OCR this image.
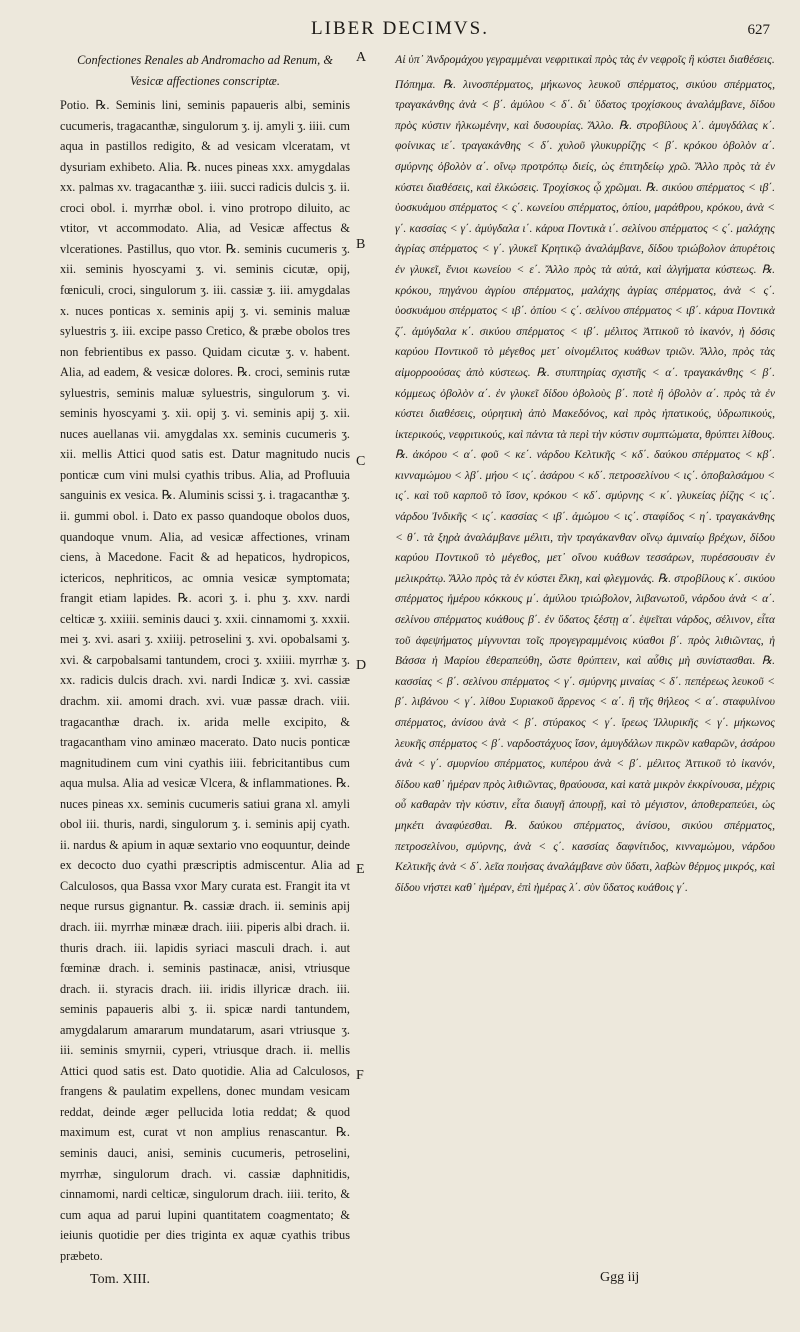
LIBER DECIMVS.	627

Confectiones Renales ab Andromacho ad Renum, & Vesicæ affectiones conscriptæ.

Potio. ℞. Seminis lini, seminis papaueris albi, seminis cucumeris, tragacanthæ, singulorum ʒ. ij. amyli ʒ. iiii. cum aqua in pastillos redigito, & ad vesicam vlceratam, vt dysuriam exhibeto. Alia. ℞. nuces pineas xxx. amygdalas xx. palmas xv. tragacanthæ ʒ. iiii. succi radicis dulcis ʒ. ii. croci obol. i. myrrhæ obol. i. vino protropo diluito, ac vtitor, vt accommodato. Alia, ad Vesicæ affectus & vlcerationes. Pastillus, quo vtor. ℞. seminis cucumeris ʒ. xii. seminis hyoscyami ʒ. vi. seminis cicutæ, opij, fœniculi, croci, singulorum ʒ. iii. cassiæ ʒ. iii. amygdalas x. nuces ponticas x. seminis apij ʒ. vi. seminis maluæ syluestris ʒ. iii. excipe passo Cretico, & præbe obolos tres non febrientibus ex passo. Quidam cicutæ ʒ. v. habent. Alia, ad eadem, & vesicæ dolores. ℞. croci, seminis rutæ syluestris, seminis maluæ syluestris, singulorum ʒ. vi. seminis hyoscyami ʒ. xii. opij ʒ. vi. seminis apij ʒ. xii. nuces auellanas vii. amygdalas xx. seminis cucumeris ʒ. xii. mellis Attici quod satis est. Datur magnitudo nucis ponticæ cum vini mulsi cyathis tribus. Alia, ad Profluuia sanguinis ex vesica. ℞. Aluminis scissi ʒ. i. tragacanthæ ʒ. ii. gummi obol. i. Dato ex passo quandoque obolos duos, quandoque vnum. Alia, ad vesicæ affectiones, vrinam ciens, à Macedone. Facit & ad hepaticos, hydropicos, ictericos, nephriticos, ac omnia vesicæ symptomata; frangit etiam lapides. ℞. acori ʒ. i. phu ʒ. xxv. nardi celticæ ʒ. xxiiii. seminis dauci ʒ. xxii. cinnamomi ʒ. xxxii. mei ʒ. xvi. asari ʒ. xxiiij. petroselini ʒ. xvi. opobalsami ʒ. xvi. & carpobalsami tantundem, croci ʒ. xxiiii. myrrhæ ʒ. xx. radicis dulcis drach. xvi. nardi Indicæ ʒ. xvi. cassiæ drachm. xii. amomi drach. xvi. vuæ passæ drach. viii. tragacanthæ drach. ix. arida melle excipito, & tragacantham vino aminæo macerato. Dato nucis ponticæ magnitudinem cum vini cyathis iiii. febricitantibus cum aqua mulsa. Alia ad vesicæ Vlcera, & inflammationes. ℞. nuces pineas xx. seminis cucumeris satiui grana xl. amyli obol iii. thuris, nardi, singulorum ʒ. i. seminis apij cyath. ii. nardus & apium in aquæ sextario vno eoquuntur, deinde ex decocto duo cyathi præscriptis admiscentur. Alia ad Calculosos, qua Bassa vxor Mary curata est. Frangit ita vt neque rursus gignantur. ℞. cassiæ drach. ii. seminis apij drach. iii. myrrhæ minææ drach. iiii. piperis albi drach. ii. thuris drach. iii. lapidis syriaci masculi drach. i. aut fœminæ drach. i. seminis pastinacæ, anisi, vtriusque drach. ii. styracis drach. iii. iridis illyricæ drach. iii. seminis papaueris albi ʒ. ii. spicæ nardi tantundem, amygdalarum amararum mundatarum, asari vtriusque ʒ. iii. seminis smyrnii, cyperi, vtriusque drach. ii. mellis Attici quod satis est. Dato quotidie. Alia ad Calculosos, frangens & paulatim expellens, donec mundam vesicam reddat, deinde æger pellucida lotia reddat; & quod maximum est, curat vt non amplius renascantur. ℞. seminis dauci, anisi, seminis cucumeris, petroselini, myrrhæ, singulorum drach. vi. cassiæ daphnitidis, cinnamomi, nardi celticæ, singulorum drach. iiii. terito, & cum aqua ad parui lupini quantitatem coagmentato; & ieiunis quotidie per dies triginta ex aquæ cyathis tribus præbeto.

Αἱ ὑπ᾽ Ἀνδρομάχου γεγραμμέναι νεφριτικαὶ πρὸς τὰς ἐν νεφροῖς ἢ κύστει διαθέσεις.

Πόπημα. ℞. λινοσπέρματος, μήκωνος λευκοῦ σπέρματος, σικύου σπέρματος, τραγακάνθης ἀνὰ < β΄. ἀμύλου < δ΄. δι᾽ ὕδατος τροχίσκους ἀναλάμβανε, δίδου πρὸς κύστιν ἡλκωμένην, καὶ δυσουρίας. Ἄλλο. ℞. στροβίλους λ΄. ἀμυγδάλας κ΄. φοίνικας ιε΄. τραγακάνθης < δ΄. χυλοῦ γλυκυρρίζης < β΄. κρόκου ὀβολὸν α΄. σμύρνης ὀβολὸν α΄. οἴνῳ προτρόπῳ διείς, ὡς ἐπιτηδείῳ χρῶ. Ἄλλο πρὸς τὰ ἐν κύστει διαθέσεις, καὶ ἑλκώσεις. Τροχίσκος ᾧ χρῶμαι. ℞. σικύου σπέρματος < ιβ΄. ὑοσκυάμου σπέρματος < ς΄. κωνείου σπέρματος, ὀπίου, μαράθρου, κρόκου, ἀνὰ < γ΄. κασσίας < γ΄. ἀμύγδαλα ι΄. κάρυα Ποντικὰ ι΄. σελίνου σπέρματος < ς΄. μαλάχης ἀγρίας σπέρματος < γ΄. γλυκεῖ Κρητικῷ ἀναλάμβανε, δίδου τριώβολον ἀπυρέτοις ἐν γλυκεῖ, ἔνιοι κωνείου < ε΄. Ἄλλο πρὸς τὰ αὐτά, καὶ ἀλγήματα κύστεως. ℞. κρόκου, πηγάνου ἀγρίου σπέρματος, μαλάχης ἀγρίας σπέρματος, ἀνὰ < ς΄. ὑοσκυάμου σπέρματος < ιβ΄. ὀπίου < ς΄. σελίνου σπέρματος < ιβ΄. κάρυα Ποντικὰ ζ΄. ἀμύγδαλα κ΄. σικύου σπέρματος < ιβ΄. μέλιτος Ἀττικοῦ τὸ ἱκανόν, ἡ δόσις καρύου Ποντικοῦ τὸ μέγεθος μετ᾽ οἰνομέλιτος κυάθων τριῶν. Ἄλλο, πρὸς τὰς αἱμορροούσας ἀπὸ κύστεως. ℞. στυπτηρίας σχιστῆς < α΄. τραγακάνθης < β΄. κόμμεως ὀβολὸν α΄. ἐν γλυκεῖ δίδου ὀβολοὺς β΄. ποτὲ ἢ ὀβολὸν α΄. πρὸς τὰ ἐν κύστει διαθέσεις, οὐρητικὴ ἀπὸ Μακεδόνος, καὶ πρὸς ἠπατικούς, ὑδρωπικούς, ἰκτερικούς, νεφριτικούς, καὶ πάντα τὰ περὶ τὴν κύστιν συμπτώματα, θρύπτει λίθους. ℞. ἀκόρου < α΄. φοῦ < κε΄. νάρδου Κελτικῆς < κδ΄. δαύκου σπέρματος < κβ΄. κινναμώμου < λβ΄. μήου < ις΄. ἀσάρου < κδ΄. πετροσελίνου < ις΄. ὀποβαλσάμου < ις΄. καὶ τοῦ καρποῦ τὸ ἴσον, κρόκου < κδ΄. σμύρνης < κ΄. γλυκείας ῥίζης < ις΄. νάρδου Ἰνδικῆς < ις΄. κασσίας < ιβ΄. ἀμώμου < ις΄. σταφίδος < η΄. τραγακάνθης < θ΄. τὰ ξηρὰ ἀναλάμβανε μέλιτι, τὴν τραγάκανθαν οἴνῳ ἀμιναίῳ βρέχων, δίδου καρύου Ποντικοῦ τὸ μέγεθος, μετ᾽ οἴνου κυάθων τεσσάρων, πυρέσσουσιν ἐν μελικράτῳ. Ἄλλο πρὸς τὰ ἐν κύστει ἕλκη, καὶ φλεγμονάς. ℞. στροβίλους κ΄. σικύου σπέρματος ἡμέρου κόκκους μ΄. ἀμύλου τριώβολον, λιβανωτοῦ, νάρδου ἀνὰ < α΄. σελίνου σπέρματος κυάθους β΄. ἐν ὕδατος ξέστῃ α΄. ἑψεῖται νάρδος, σέλινον, εἶτα τοῦ ἀφεψήματος μίγνυνται τοῖς προγεγραμμένοις κύαθοι β΄. πρὸς λιθιῶντας, ἡ Βάσσα ἡ Μαρίου ἐθεραπεύθη, ὥστε θρύπτειν, καὶ αὖθις μὴ συνίστασθαι. ℞. κασσίας < β΄. σελίνου σπέρματος < γ΄. σμύρνης μιναίας < δ΄. πεπέρεως λευκοῦ < β΄. λιβάνου < γ΄. λίθου Συριακοῦ ἄρρενος < α΄. ἢ τῆς θήλεος < α΄. σταφυλίνου σπέρματος, ἀνίσου ἀνὰ < β΄. στύρακος < γ΄. ἴρεως Ἰλλυρικῆς < γ΄. μήκωνος λευκῆς σπέρματος < β΄. ναρδοστάχυος ἴσον, ἀμυγδάλων πικρῶν καθαρῶν, ἀσάρου ἀνὰ < γ΄. σμυρνίου σπέρματος, κυπέρου ἀνὰ < β΄. μέλιτος Ἀττικοῦ τὸ ἱκανόν, δίδου καθ᾽ ἡμέραν πρὸς λιθιῶντας, θραύουσα, καὶ κατὰ μικρὸν ἐκκρίνουσα, μέχρις οὗ καθαρὰν τὴν κύστιν, εἶτα διαυγῆ ἀπουρῇ, καὶ τὸ μέγιστον, ἀποθεραπεύει, ὡς μηκέτι ἀναφύεσθαι. ℞. δαύκου σπέρματος, ἀνίσου, σικύου σπέρματος, πετροσελίνου, σμύρνης, ἀνὰ < ς΄. κασσίας δαφνίτιδος, κινναμώμου, νάρδου Κελτικῆς ἀνὰ < δ΄. λεῖα ποιήσας ἀναλάμβανε σὺν ὕδατι, λαβὼν θέρμος μικρός, καὶ δίδου νήστει καθ᾽ ἡμέραν, ἐπὶ ἡμέρας λ΄. σὺν ὕδατος κυάθοις γ΄.

A
B
C
D
E
F
Tom. XIII.	Ggg iij
